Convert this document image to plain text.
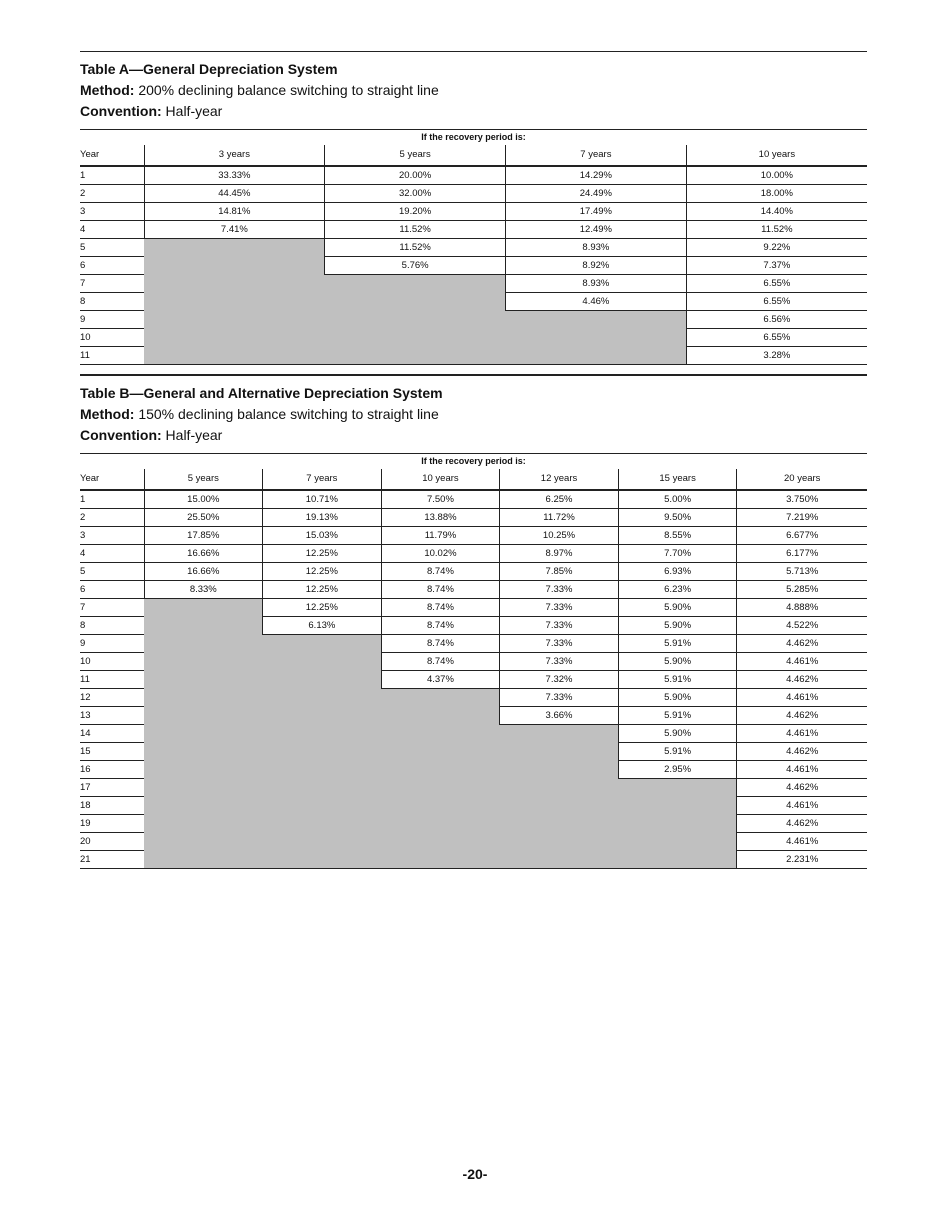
Table A—General Depreciation System
Method: 200% declining balance switching to straight line
Convention: Half-year
If the recovery period is:				
Year	3 years	5 years	7 years	10 years
1	33.33%	20.00%	14.29%	10.00%
2	44.45%	32.00%	24.49%	18.00%
3	14.81%	19.20%	17.49%	14.40%
4	7.41%	11.52%	12.49%	11.52%
5		11.52%	8.93%	9.22%
6		5.76%	8.92%	7.37%
7			8.93%	6.55%
8			4.46%	6.55%
9				6.56%
10				6.55%
11				3.28%
Table B—General and Alternative Depreciation System
Method: 150% declining balance switching to straight line
Convention: Half-year
If the recovery period is:						
Year	5 years	7 years	10 years	12 years	15 years	20 years
1	15.00%	10.71%	7.50%	6.25%	5.00%	3.750%
2	25.50%	19.13%	13.88%	11.72%	9.50%	7.219%
3	17.85%	15.03%	11.79%	10.25%	8.55%	6.677%
4	16.66%	12.25%	10.02%	8.97%	7.70%	6.177%
5	16.66%	12.25%	8.74%	7.85%	6.93%	5.713%
6	8.33%	12.25%	8.74%	7.33%	6.23%	5.285%
7		12.25%	8.74%	7.33%	5.90%	4.888%
8		6.13%	8.74%	7.33%	5.90%	4.522%
9			8.74%	7.33%	5.91%	4.462%
10			8.74%	7.33%	5.90%	4.461%
11			4.37%	7.32%	5.91%	4.462%
12				7.33%	5.90%	4.461%
13				3.66%	5.91%	4.462%
14					5.90%	4.461%
15					5.91%	4.462%
16					2.95%	4.461%
17						4.462%
18						4.461%
19						4.462%
20						4.461%
21						2.231%
-20-
